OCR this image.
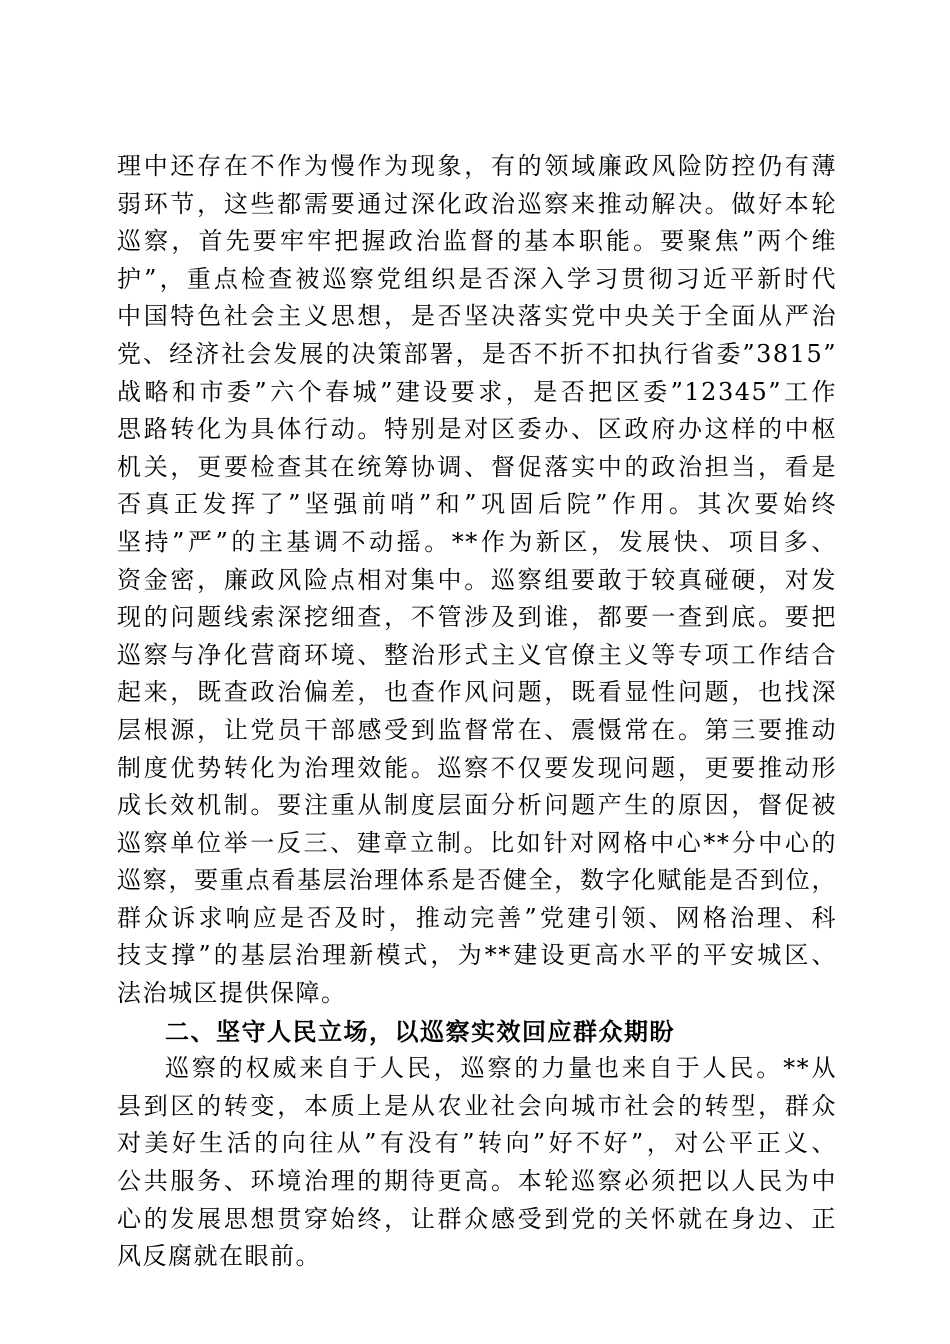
理中还存在不作为慢作为现象，有的领域廉政风险防控仍有薄
弱环节，这些都需要通过深化政治巡察来推动解决。做好本轮
巡察，首先要牢牢把握政治监督的基本职能。要聚焦”两个维
护”，重点检查被巡察党组织是否深入学习贯彻习近平新时代
中国特色社会主义思想，是否坚决落实党中央关于全面从严治
党、经济社会发展的决策部署，是否不折不扣执行省委”3815”
战略和市委”六个春城”建设要求，是否把区委”12345”工作
思路转化为具体行动。特别是对区委办、区政府办这样的中枢
机关，更要检查其在统筹协调、督促落实中的政治担当，看是
否真正发挥了”坚强前哨”和”巩固后院”作用。其次要始终
坚持”严”的主基调不动摇。**作为新区，发展快、项目多、
资金密，廉政风险点相对集中。巡察组要敢于较真碰硬，对发
现的问题线索深挖细查，不管涉及到谁，都要一查到底。要把
巡察与净化营商环境、整治形式主义官僚主义等专项工作结合
起来，既查政治偏差，也查作风问题，既看显性问题，也找深
层根源，让党员干部感受到监督常在、震慑常在。第三要推动
制度优势转化为治理效能。巡察不仅要发现问题，更要推动形
成长效机制。要注重从制度层面分析问题产生的原因，督促被
巡察单位举一反三、建章立制。比如针对网格中心**分中心的
巡察，要重点看基层治理体系是否健全，数字化赋能是否到位，
群众诉求响应是否及时，推动完善”党建引领、网格治理、科
技支撑”的基层治理新模式，为**建设更高水平的平安城区、
法治城区提供保障。
二、坚守人民立场，以巡察实效回应群众期盼
巡察的权威来自于人民，巡察的力量也来自于人民。**从
县到区的转变，本质上是从农业社会向城市社会的转型，群众
对美好生活的向往从”有没有”转向”好不好”，对公平正义、
公共服务、环境治理的期待更高。本轮巡察必须把以人民为中
心的发展思想贯穿始终，让群众感受到党的关怀就在身边、正
风反腐就在眼前。
